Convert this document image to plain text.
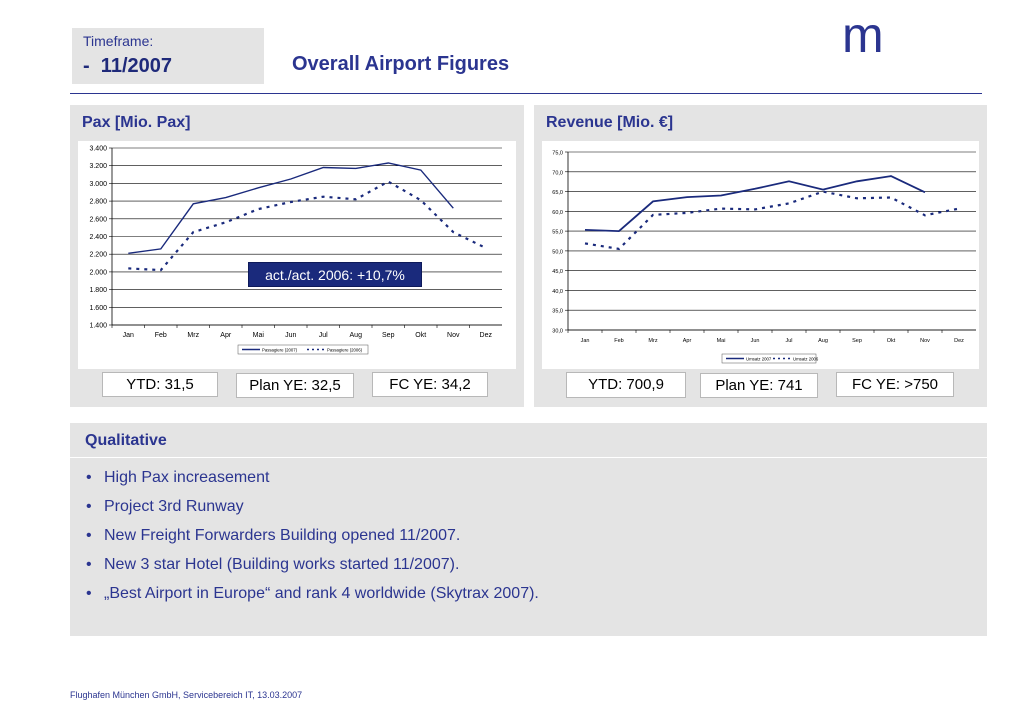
Timeframe:
- 11/2007	Overall Airport Figures
m
Pax [Mio. Pax]
1.400
1.600
1.800
2.000
2.200
2.400
2.600
2.800
3.000
3.200
3.400
Jan	Feb	Mrz	Apr	Mai	Jun	Jul	Aug	Sep	Okt	Nov	Dez
Passagiere (2007)	Passagiere (2006)
act./act. 2006: +10,7%
YTD: 31,5	Plan YE: 32,5	FC YE: 34,2
Revenue [Mio. €]
30,0
35,0
40,0
45,0
50,0
55,0
60,0
65,0
70,0
75,0
Jan	Feb	Mrz	Apr	Mai	Jun	Jul	Aug	Sep	Okt	Nov	Dez
Umsatz 2007	Umsatz 2006
YTD: 700,9	Plan YE: 741	FC YE: >750
Qualitative
• High Pax increasement
• Project 3rd Runway
• New Freight Forwarders Building opened 11/2007.
• New 3 star Hotel (Building works started 11/2007).
• „Best Airport in Europe“ and rank 4 worldwide (Skytrax 2007).
Flughafen München GmbH, Servicebereich IT, 13.03.2007
